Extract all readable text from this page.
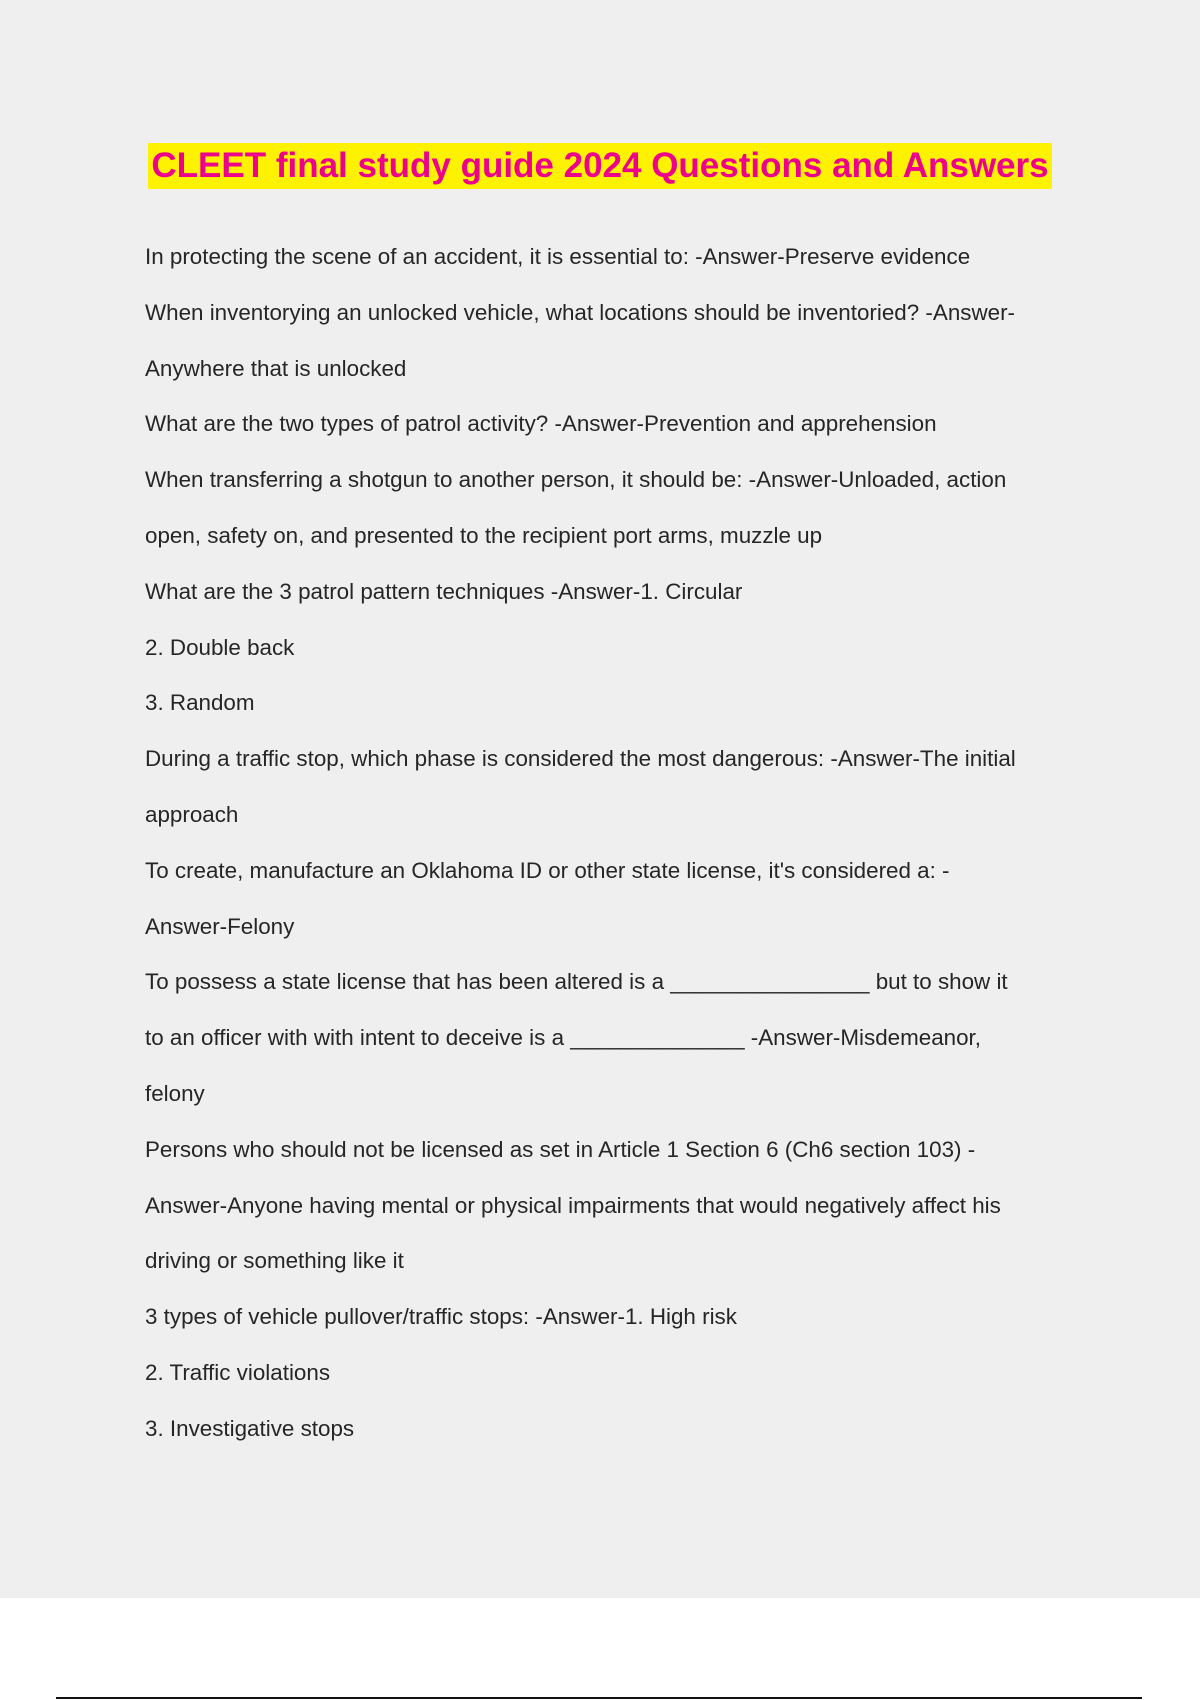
CLEET final study guide 2024 Questions and Answers
In protecting the scene of an accident, it is essential to: -Answer-Preserve evidence
When inventorying an unlocked vehicle, what locations should be inventoried? -Answer-
Anywhere that is unlocked
What are the two types of patrol activity? -Answer-Prevention and apprehension
When transferring a shotgun to another person, it should be: -Answer-Unloaded, action
open, safety on, and presented to the recipient port arms, muzzle up
What are the 3 patrol pattern techniques -Answer-1. Circular
2. Double back
3. Random
During a traffic stop, which phase is considered the most dangerous: -Answer-The initial
approach
To create, manufacture an Oklahoma ID or other state license, it's considered a: -
Answer-Felony
To possess a state license that has been altered is a ________________ but to show it
to an officer with with intent to deceive is a ______________ -Answer-Misdemeanor,
felony
Persons who should not be licensed as set in Article 1 Section 6 (Ch6 section 103) -
Answer-Anyone having mental or physical impairments that would negatively affect his
driving or something like it
3 types of vehicle pullover/traffic stops: -Answer-1. High risk
2. Traffic violations
3. Investigative stops
